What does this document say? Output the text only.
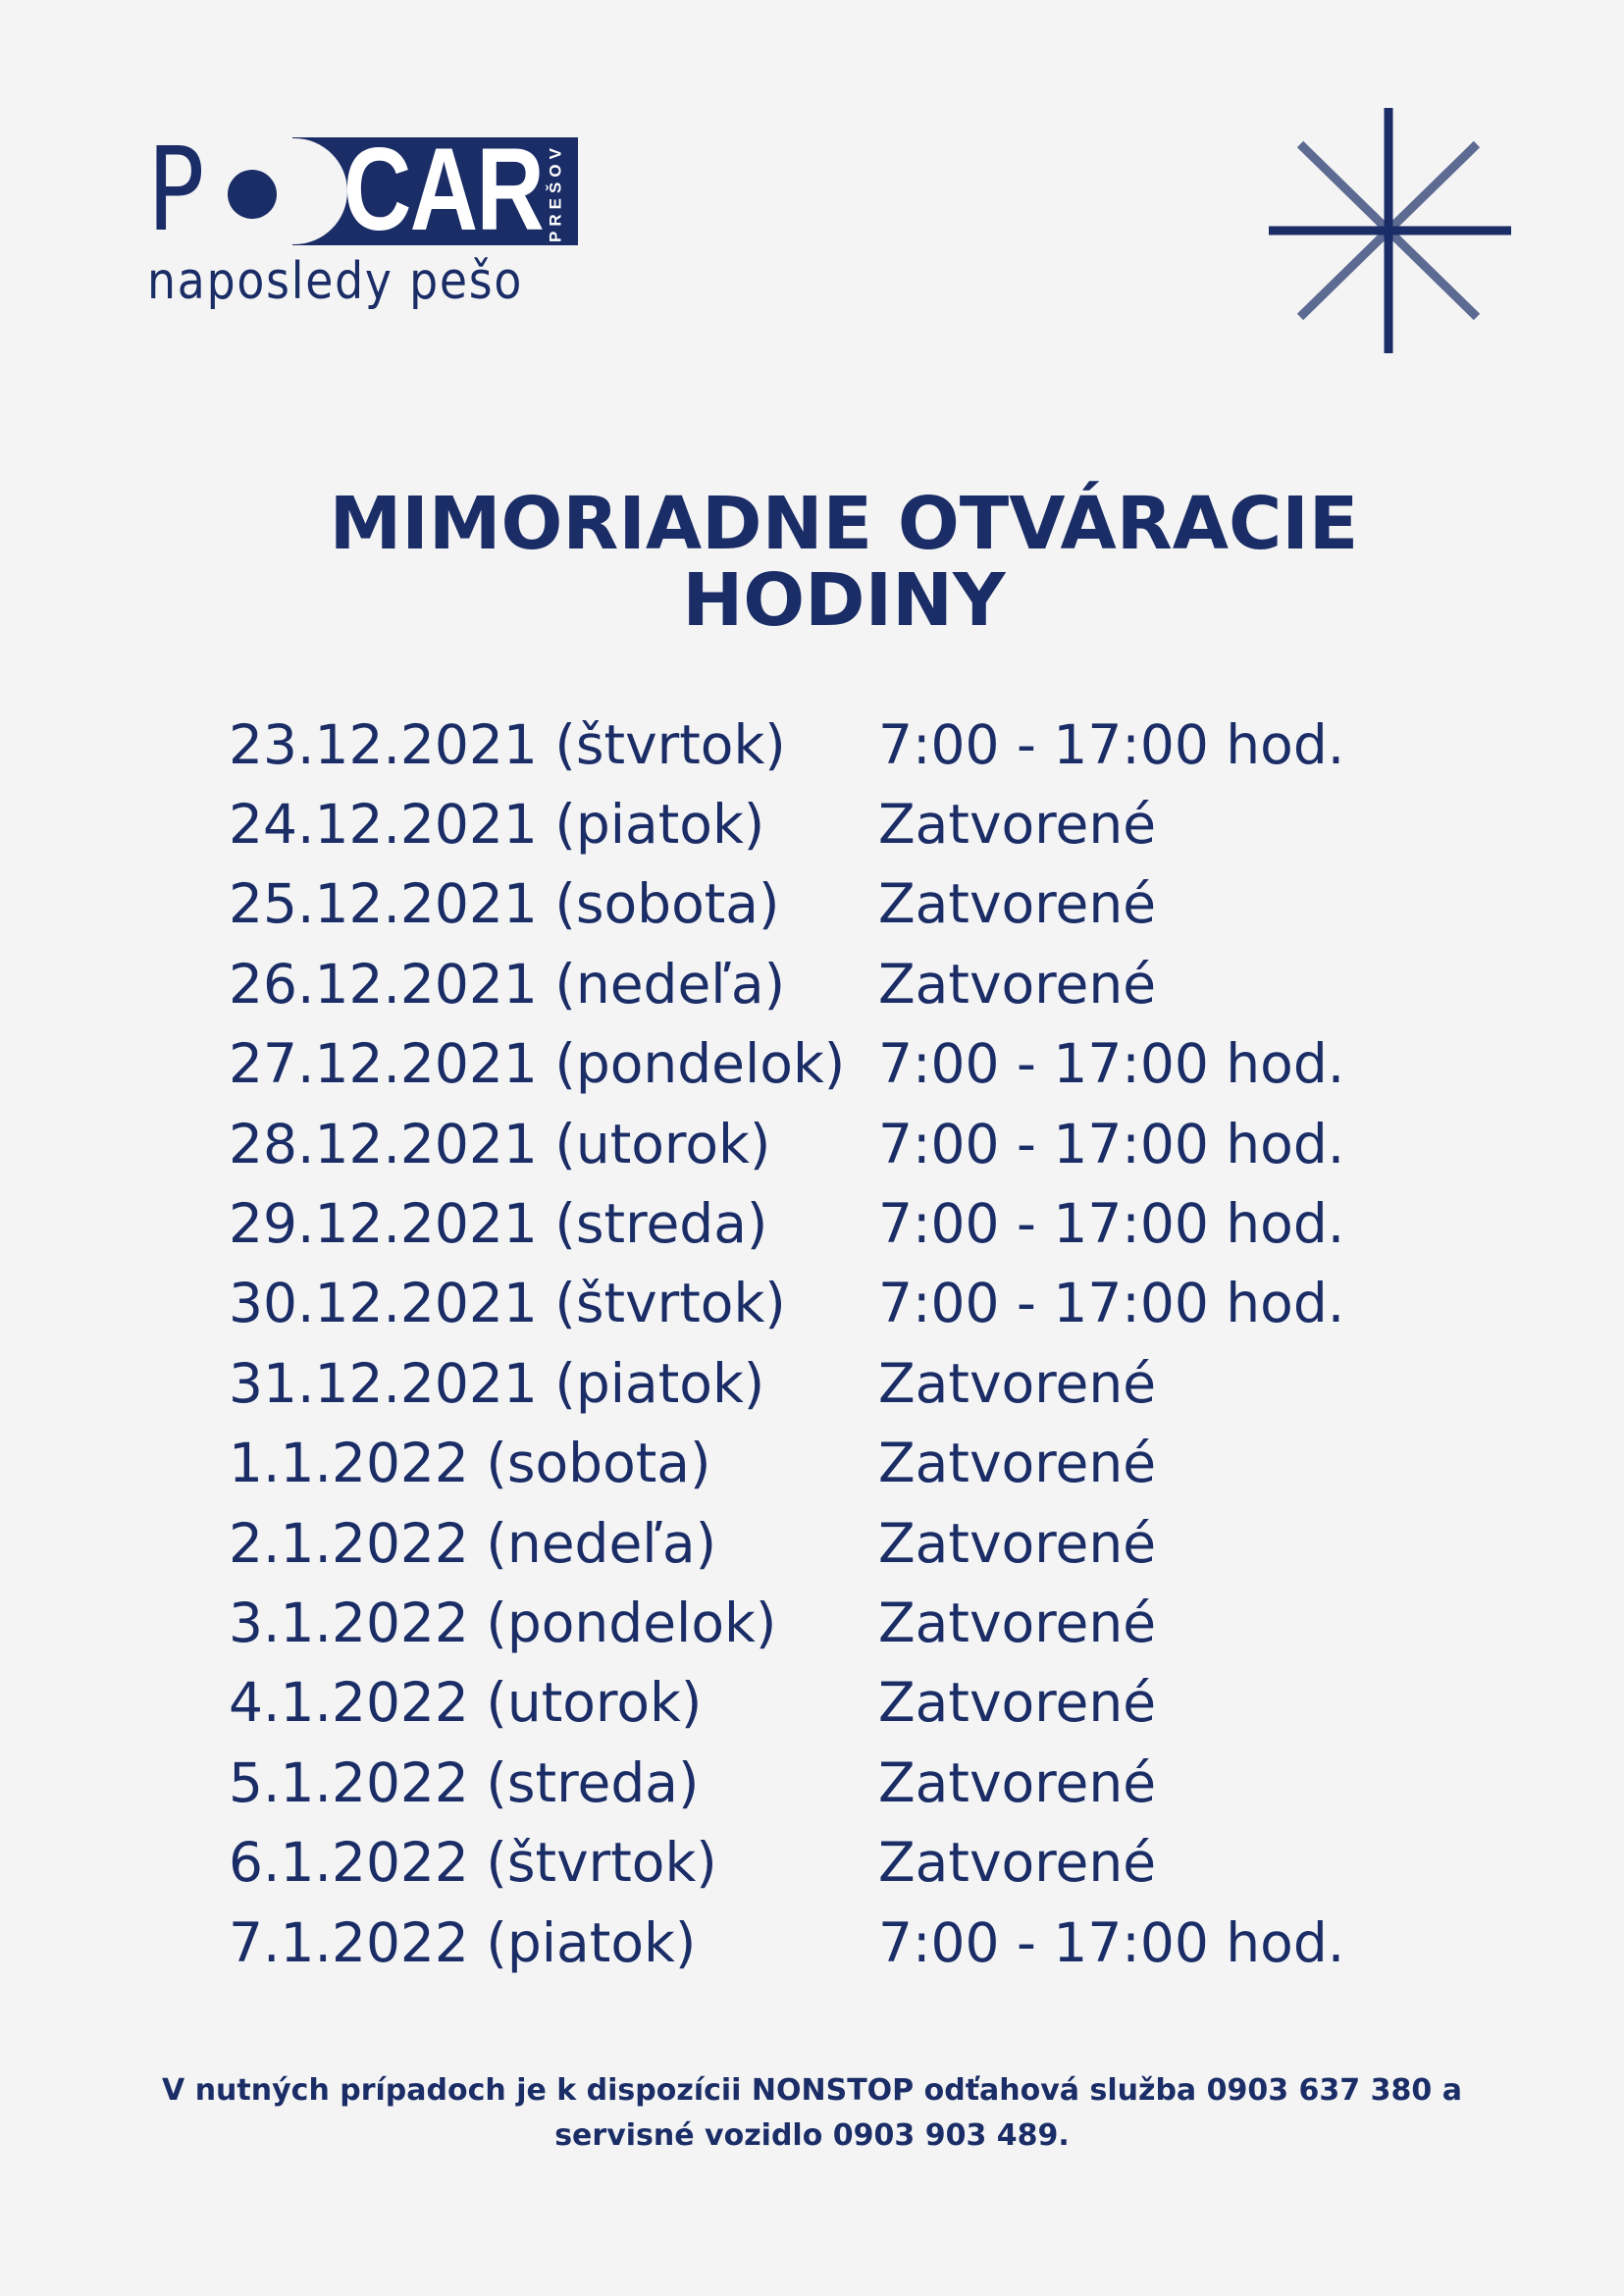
P CAR PREŠOV
naposledy pešo
MIMORIADNE OTVÁRACIE
HODINY
23.12.2021 (štvrtok)	7:00 - 17:00 hod.
24.12.2021 (piatok)	Zatvorené
25.12.2021 (sobota)	Zatvorené
26.12.2021 (nedeľa)	Zatvorené
27.12.2021 (pondelok) 7:00 - 17:00 hod.
28.12.2021 (utorok)	7:00 - 17:00 hod.
29.12.2021 (streda)	7:00 - 17:00 hod.
30.12.2021 (štvrtok)	7:00 - 17:00 hod.
31.12.2021 (piatok)	Zatvorené
1.1.2022 (sobota)	Zatvorené
2.1.2022 (nedeľa)	Zatvorené
3.1.2022 (pondelok)	Zatvorené
4.1.2022 (utorok)	Zatvorené
5.1.2022 (streda)	Zatvorené
6.1.2022 (štvrtok)	Zatvorené
7.1.2022 (piatok)	7:00 - 17:00 hod.
V nutných prípadoch je k dispozícii NONSTOP odťahová služba 0903 637 380 a
servisné vozidlo 0903 903 489.
